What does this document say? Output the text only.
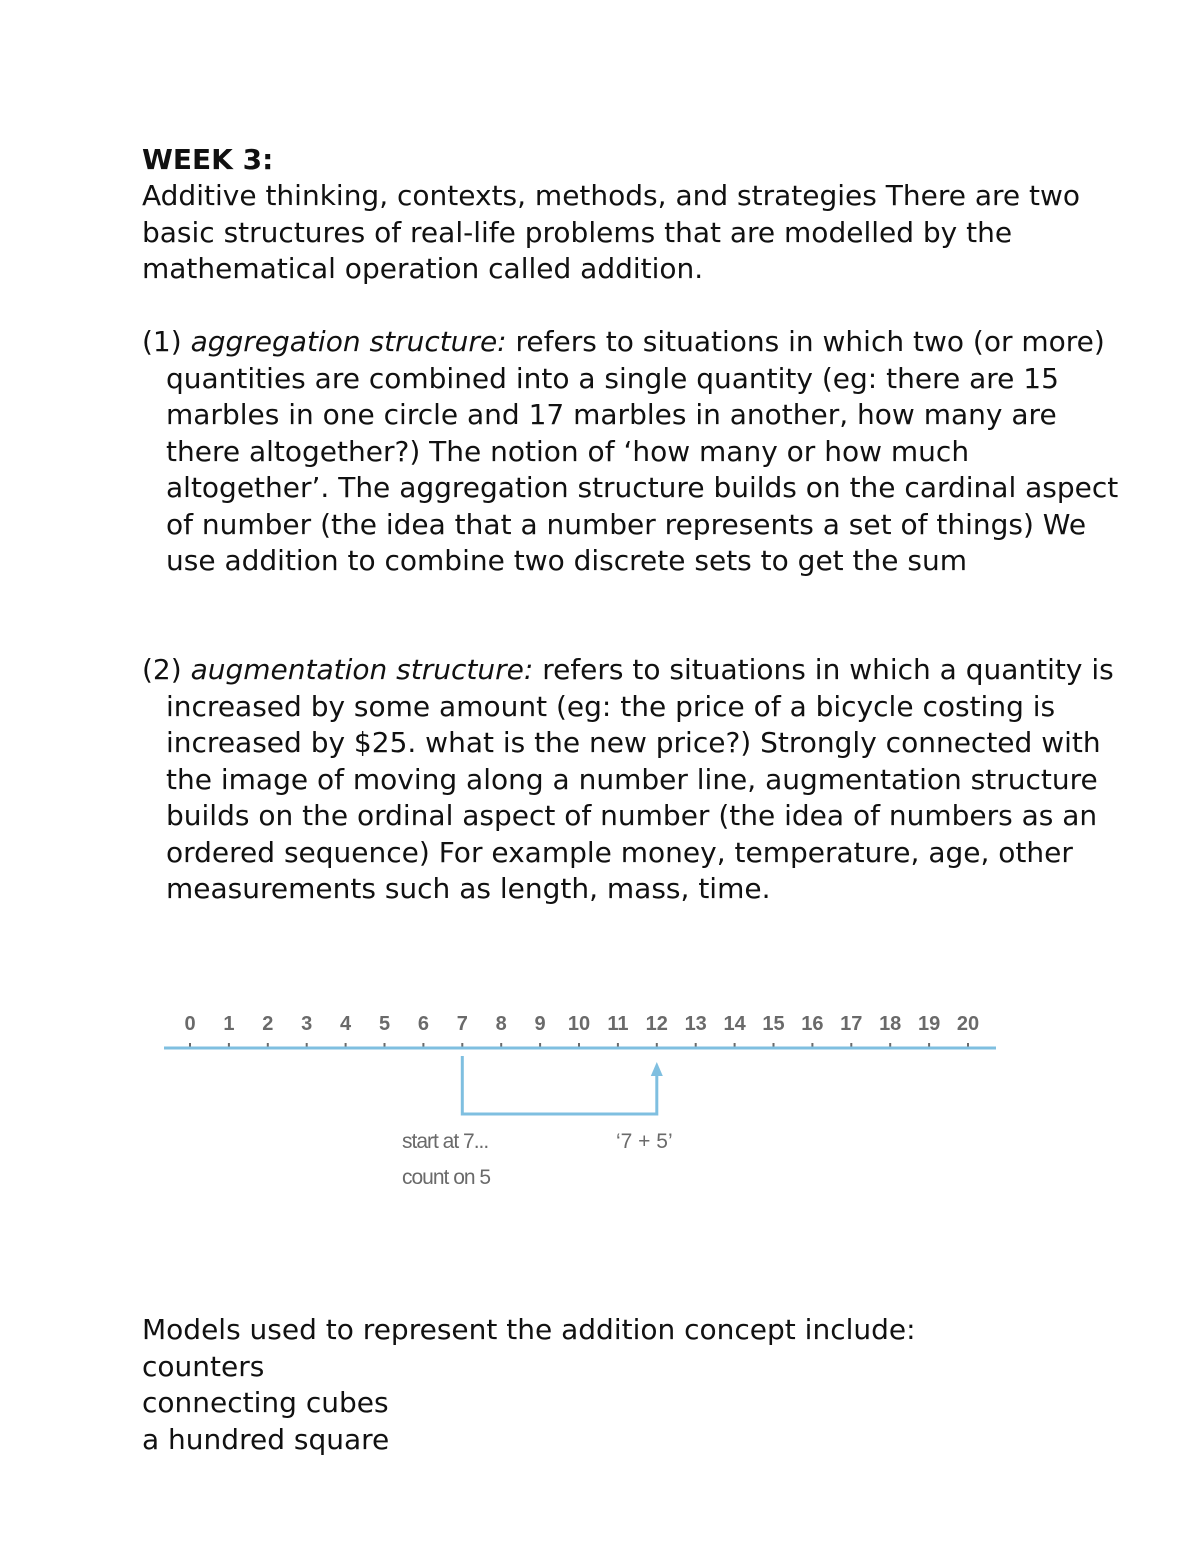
WEEK 3:
Additive thinking, contexts, methods, and strategies There are two basic structures of real-life problems that are modelled by the mathematical operation called addition.
(1) aggregation structure: refers to situations in which two (or more) quantities are combined into a single quantity (eg: there are 15 marbles in one circle and 17 marbles in another, how many are there altogether?) The notion of ‘how many or how much altogether’. The aggregation structure builds on the cardinal aspect of number (the idea that a number represents a set of things) We use addition to combine two discrete sets to get the sum
(2) augmentation structure: refers to situations in which a quantity is increased by some amount (eg: the price of a bicycle costing is increased by $25. what is the new price?) Strongly connected with the image of moving along a number line, augmentation structure builds on the ordinal aspect of number (the idea of numbers as an ordered sequence) For example money, temperature, age, other measurements such as length, mass, time.
0 1 2 3 4 5 6 7 8 9 10 11 12 13 14 15 16 17 18 19 20
start at 7...
count on 5
‘7 + 5’
Models used to represent the addition concept include:
counters
connecting cubes
a hundred square
